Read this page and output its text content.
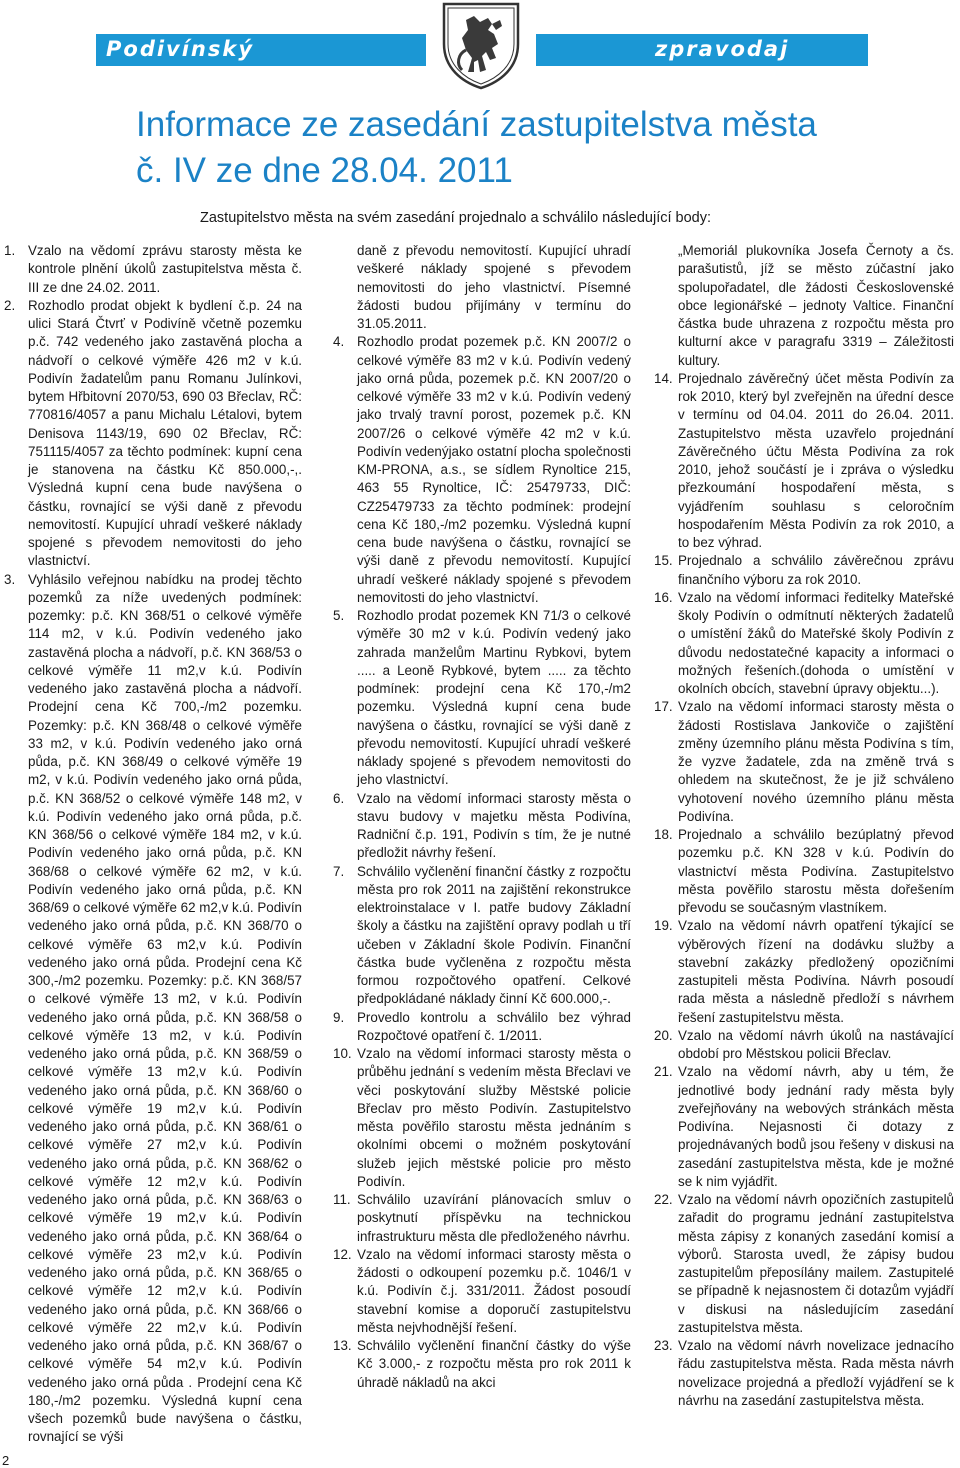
Podivínský	zpravodaj
Informace ze zasedání zastupitelstva města
č. IV ze dne 28.04. 2011
Zastupitelstvo města na svém zasedání projednalo a schválilo následující body:
1. Vzalo na vědomí zprávu starosty města ke kontrole plnění úkolů zastupitelstva města č. III ze dne 24.02. 2011.
2. Rozhodlo prodat objekt k bydlení č.p. 24 na ulici Stará Čtvrť v Podivíně včetně pozemku p.č. 742 vedeného jako zastavěná plocha a nádvoří o celkové výměře 426 m2 v k.ú. Podivín žadatelům panu Romanu Julínkovi, bytem Hřbitovní 2070/53, 690 03 Břeclav, RČ: 770816/4057 a panu Michalu Létalovi, bytem Denisova 1143/19, 690 02 Břeclav, RČ: 751115/4057 za těchto podmínek: kupní cena je stanovena na částku Kč 850.000,-,. Výsledná kupní cena bude navýšena o částku, rovnající se výši daně z převodu nemovitostí. Kupující uhradí veškeré náklady spojené s převodem nemovitosti do jeho vlastnictví.
3. Vyhlásilo veřejnou nabídku na prodej těchto pozemků za níže uvedených podmínek: pozemky: p.č. KN 368/51 o celkové výměře 114 m2, v k.ú. Podivín vedeného jako zastavěná plocha a nádvoří, p.č. KN 368/53 o celkové výměře 11 m2,v k.ú. Podivín vedeného jako zastavěná plocha a nádvoří. Prodejní cena Kč 700,-/m2 pozemku. Pozemky: p.č. KN 368/48 o celkové výměře 33 m2, v k.ú. Podivín vedeného jako orná půda, p.č. KN 368/49 o celkové výměře 19 m2, v k.ú. Podivín vedeného jako orná půda, p.č. KN 368/52 o celkové výměře 148 m2, v k.ú. Podivín vedeného jako orná půda, p.č. KN 368/56 o celkové výměře 184 m2, v k.ú. Podivín vedeného jako orná půda, p.č. KN 368/68 o celkové výměře 62 m2, v k.ú. Podivín vedeného jako orná půda, p.č. KN 368/69 o celkové výměře 62 m2,v k.ú. Podivín vedeného jako orná půda, p.č. KN 368/70 o celkové výměře 63 m2,v k.ú. Podivín vedeného jako orná půda. Prodejní cena Kč 300,-/m2 pozemku. Pozemky: p.č. KN 368/57 o celkové výměře 13 m2, v k.ú. Podivín vedeného jako orná půda, p.č. KN 368/58 o celkové výměře 13 m2, v k.ú. Podivín vedeného jako orná půda, p.č. KN 368/59 o celkové výměře 13 m2,v k.ú. Podivín vedeného jako orná půda, p.č. KN 368/60 o celkové výměře 19 m2,v k.ú. Podivín vedeného jako orná půda, p.č. KN 368/61 o celkové výměře 27 m2,v k.ú. Podivín vedeného jako orná půda, p.č. KN 368/62 o celkové výměře 12 m2,v k.ú. Podivín vedeného jako orná půda, p.č. KN 368/63 o celkové výměře 19 m2,v k.ú. Podivín vedeného jako orná půda, p.č. KN 368/64 o celkové výměře 23 m2,v k.ú. Podivín vedeného jako orná půda, p.č. KN 368/65 o celkové výměře 12 m2,v k.ú. Podivín vedeného jako orná půda, p.č. KN 368/66 o celkové výměře 22 m2,v k.ú. Podivín vedeného jako orná půda, p.č. KN 368/67 o celkové výměře 54 m2,v k.ú. Podivín vedeného jako orná půda . Prodejní cena Kč 180,-/m2 pozemku. Výsledná kupní cena všech pozemků bude navýšena o částku, rovnající se výši
daně z převodu nemovitostí. Kupující uhradí veškeré náklady spojené s převodem nemovitosti do jeho vlastnictví. Písemné žádosti budou přijímány v termínu do 31.05.2011.
4. Rozhodlo prodat pozemek p.č. KN 2007/2 o celkové výměře 83 m2 v k.ú. Podivín vedený jako orná půda, pozemek p.č. KN 2007/20 o celkové výměře 33 m2 v k.ú. Podivín vedený jako trvalý travní porost, pozemek p.č. KN 2007/26 o celkové výměře 42 m2 v k.ú. Podivín vedenýjako ostatní plocha společnosti KM-PRONA, a.s., se sídlem Rynoltice 215, 463 55 Rynoltice, IČ: 25479733, DIČ: CZ25479733 za těchto podmínek: prodejní cena Kč 180,-/m2 pozemku. Výsledná kupní cena bude navýšena o částku, rovnající se výši daně z převodu nemovitostí. Kupující uhradí veškeré náklady spojené s převodem nemovitosti do jeho vlastnictví.
5. Rozhodlo prodat pozemek KN 71/3 o celkové výměře 30 m2 v k.ú. Podivín vedený jako zahrada manželům Martinu Rybkovi, bytem ..... a Leoně Rybkové, bytem ..... za těchto podmínek: prodejní cena Kč 170,-/m2 pozemku. Výsledná kupní cena bude navýšena o částku, rovnající se výši daně z převodu nemovitostí. Kupující uhradí veškeré náklady spojené s převodem nemovitosti do jeho vlastnictví.
6. Vzalo na vědomí informaci starosty města o stavu budovy v majetku města Podivína, Radniční č.p. 191, Podivín s tím, že je nutné předložit návrhy řešení.
7. Schválilo vyčlenění finanční částky z rozpočtu města pro rok 2011 na zajištění rekonstrukce elektroinstalace v I. patře budovy Základní školy a částku na zajištění opravy podlah u tří učeben v Základní škole Podivín. Finanční částka bude vyčleněna z rozpočtu města formou rozpočtového opatření. Celkové předpokládané náklady činní Kč 600.000,-.
9. Provedlo kontrolu a schválilo bez výhrad Rozpočtové opatření č. 1/2011.
10. Vzalo na vědomí informaci starosty města o průběhu jednání s vedením města Břeclavi ve věci poskytování služby Městské policie Břeclav pro město Podivín. Zastupitelstvo města pověřilo starostu města jednáním s okolními obcemi o možném poskytování služeb jejich městské policie pro město Podivín.
11. Schválilo uzavírání plánovacích smluv o poskytnutí příspěvku na technickou infrastrukturu města dle předloženého návrhu.
12. Vzalo na vědomí informaci starosty města o žádosti o odkoupení pozemku p.č. 1046/1 v k.ú. Podivín č.j. 331/2011. Žádost posoudí stavební komise a doporučí zastupitelstvu města nejvhodnější řešení.
13. Schválilo vyčlenění finanční částky do výše Kč 3.000,- z rozpočtu města pro rok 2011 k úhradě nákladů na akci
„Memoriál plukovníka Josefa Černoty a čs. parašutistů, jíž se město zúčastní jako spolupořadatel, dle žádosti Československé obce legionářské – jednoty Valtice. Finanční částka bude uhrazena z rozpočtu města pro kulturní akce v paragrafu 3319 – Záležitosti kultury.
14. Projednalo závěrečný účet města Podivín za rok 2010, který byl zveřejněn na úřední desce v termínu od 04.04. 2011 do 26.04. 2011. Zastupitelstvo města uzavřelo projednání Závěrečného účtu Města Podivína za rok 2010, jehož součástí je i zpráva o výsledku přezkoumání hospodaření města, s vyjádřením souhlasu s celoročním hospodařením Města Podivín za rok 2010, a to bez výhrad.
15. Projednalo a schválilo závěrečnou zprávu finančního výboru za rok 2010.
16. Vzalo na vědomí informaci ředitelky Mateřské školy Podivín o odmítnutí některých žadatelů o umístění žáků do Mateřské školy Podivín z důvodu nedostatečné kapacity a informaci o možných řešeních.(dohoda o umístění v okolních obcích, stavební úpravy objektu...).
17. Vzalo na vědomí informaci starosty města o žádosti Rostislava Jankoviče o zajištění změny územního plánu města Podivína s tím, že vyzve žadatele, zda na změně trvá s ohledem na skutečnost, že je již schváleno vyhotovení nového územního plánu města Podivína.
18. Projednalo a schválilo bezúplatný převod pozemku p.č. KN 328 v k.ú. Podivín do vlastnictví města Podivína. Zastupitelstvo města pověřilo starostu města dořešením převodu se současným vlastníkem.
19. Vzalo na vědomí návrh opatření týkající se výběrových řízení na dodávku služby a stavební zakázky předložený opozičními zastupiteli města Podivína. Návrh posoudí rada města a následně předloží s návrhem řešení zastupitelstvu města.
20. Vzalo na vědomí návrh úkolů na nastávající období pro Městskou policii Břeclav.
21. Vzalo na vědomí návrh, aby u tém, že jednotlivé body jednání rady města byly zveřejňovány na webových stránkách města Podivína. Nejasnosti či dotazy z projednávaných bodů jsou řešeny v diskusi na zasedání zastupitelstva města, kde je možné se k nim vyjádřit.
22. Vzalo na vědomí návrh opozičních zastupitelů zařadit do programu jednání zastupitelstva města zápisy z konaných zasedání komisí a výborů. Starosta uvedl, že zápisy budou zastupitelům přeposílány mailem. Zastupitelé se případně k nejasnostem či dotazům vyjádří v diskusi na následujícím zasedání zastupitelstva města.
23. Vzalo na vědomí návrh novelizace jednacího řádu zastupitelstva města. Rada města návrh novelizace projedná a předloží vyjádření se k návrhu na zasedání zastupitelstva města.
2
